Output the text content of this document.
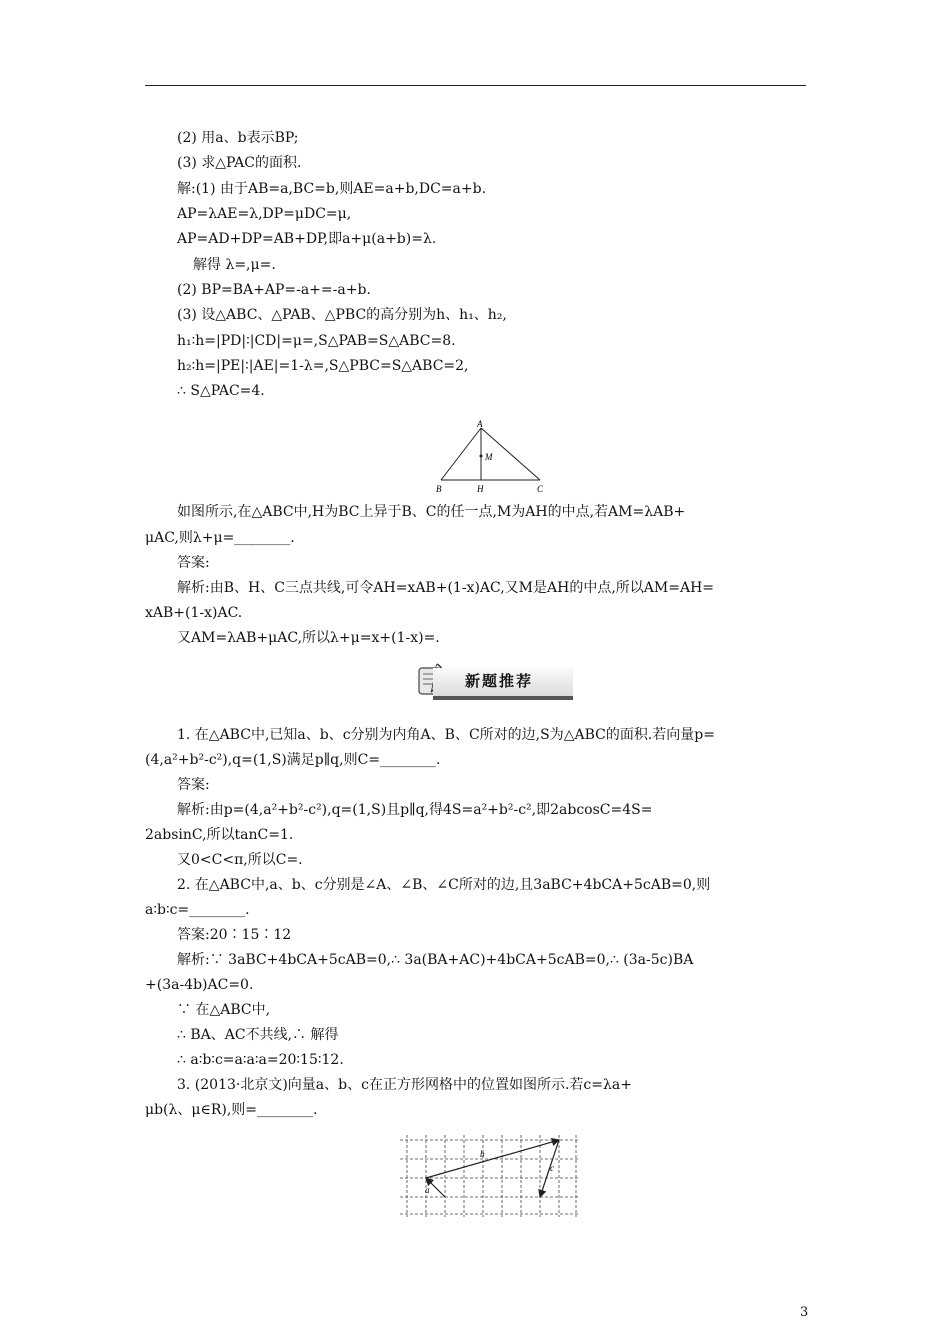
(2) 用a、b表示BP;
(3) 求△PAC的面积.
解:(1) 由于AB=a,BC=b,则AE=a+b,DC=a+b.
AP=λAE=λ,DP=μDC=μ,
AP=AD+DP=AB+DP,即a+μ(a+b)=λ.
解得 λ=,μ=.
(2) BP=BA+AP=-a+=-a+b.
(3) 设△ABC、△PAB、△PBC的高分别为h、h₁、h₂,
h₁∶h=|PD|∶|CD|=μ=,S△PAB=S△ABC=8.
h₂∶h=|PE|∶|AE|=1-λ=,S△PBC=S△ABC=2,
∴ S△PAC=4.
A
M
B	H	C
如图所示,在△ABC中,H为BC上异于B、C的任一点,M为AH的中点,若AM=λAB+
μAC,则λ+μ=________.
答案:
解析:由B、H、C三点共线,可令AH=xAB+(1-x)AC,又M是AH的中点,所以AM=AH=
xAB+(1-x)AC.
又AM=λAB+μAC,所以λ+μ=x+(1-x)=.
新题推荐
1. 在△ABC中,已知a、b、c分别为内角A、B、C所对的边,S为△ABC的面积.若向量p=
(4,a²+b²-c²),q=(1,S)满足p∥q,则C=________.
答案:
解析:由p=(4,a²+b²-c²),q=(1,S)且p∥q,得4S=a²+b²-c²,即2abcosC=4S=
2absinC,所以tanC=1.
又0<C<π,所以C=.
2. 在△ABC中,a、b、c分别是∠A、∠B、∠C所对的边,且3aBC+4bCA+5cAB=0,则
a∶b∶c=________.
答案:20∶15∶12
解析:∵ 3aBC+4bCA+5cAB=0,∴ 3a(BA+AC)+4bCA+5cAB=0,∴ (3a-5c)BA
+(3a-4b)AC=0.
∵ 在△ABC中,
∴ BA、AC不共线,∴ 解得
∴ a∶b∶c=a∶a∶a=20∶15∶12.
3. (2013·北京文)向量a、b、c在正方形网格中的位置如图所示.若c=λa+
μb(λ、μ∈R),则=________.
a
b
c
3
